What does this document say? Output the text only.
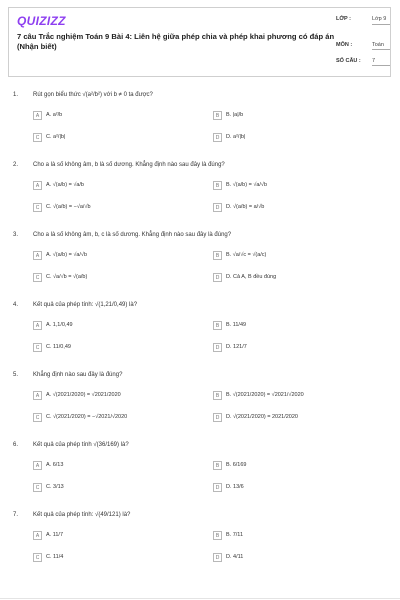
QUIZIZZ
7 câu Trắc nghiệm Toán 9 Bài 4: Liên hệ giữa phép chia và phép khai phương có đáp án (Nhận biết)
LỚP :	Lớp 9
MÔN :	Toán
SỐ CÂU : 7
1. Rút gọn biểu thức √(a²/b²) với b ≠ 0 ta được?
A	A. a²/b	B	B. |a|/b
C	C. a²/|b|	D	D. a²/|b|
2. Cho a là số không âm, b là số dương. Khẳng định nào sau đây là đúng?
A	A. √(a/b) = √a/b	B	B. √(a/b) = √a/√b
C	C. √(a/b) = −√a/√b	D	D. √(a/b) = a/√b
3. Cho a là số không âm, b, c là số dương. Khẳng định nào sau đây là đúng?
A	A. √(a/b) = √a/√b	B	B. √a/√c = √(a/c)
C	C. √a/√b = √(a/b)	D	D. Cả A, B đều đúng
4. Kết quả của phép tính: √(1,21/0,49) là?
A	A. 1,1/0,49	B	B. 11/49
C	C. 11/0,49	D	D. 121/7
5. Khẳng định nào sau đây là đúng?
A	A. √(2021/2020) = √2021/2020	B	B. √(2021/2020) = √2021/√2020
C	C. √(2021/2020) = −√2021/√2020	D	D. √(2021/2020) = 2021/2020
6. Kết quả của phép tính √(36/169) là?
A	A. 6/13	B	B. 6/169
C	C. 3/13	D	D. 13/6
7. Kết quả của phép tính: √(49/121) là?
A	A. 11/7	B	B. 7/11
C	C. 11/4	D	D. 4/11
